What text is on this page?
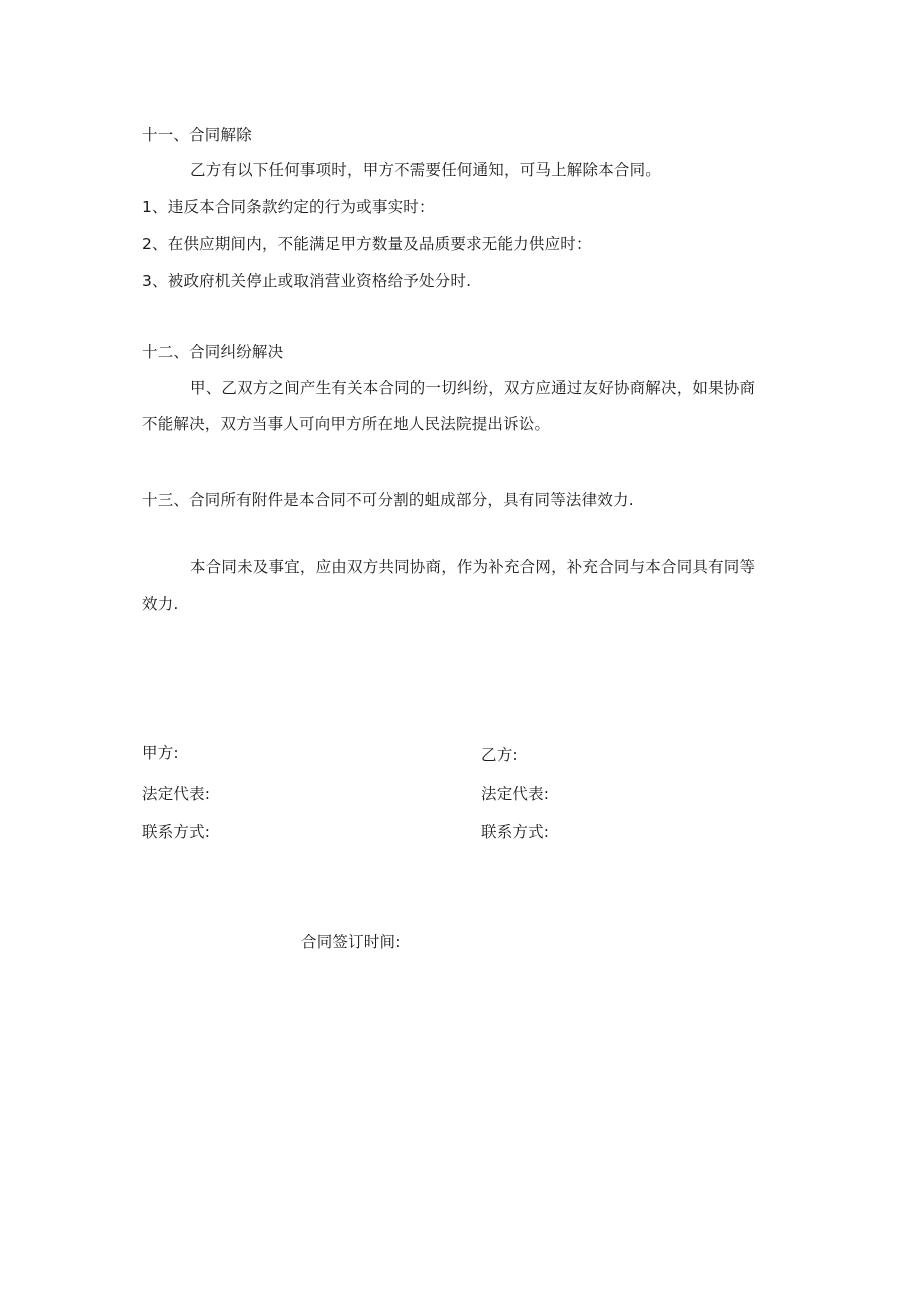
十一、合同解除
乙方有以下任何事项时，甲方不需要任何通知，可马上解除本合同。
1、违反本合同条款约定的行为或事实时：
2、在供应期间内，不能满足甲方数量及品质要求无能力供应时：
3、被政府机关停止或取消营业资格给予处分时.
十二、合同纠纷解决
甲、乙双方之间产生有关本合同的一切纠纷，双方应通过友好协商解决，如果协商
不能解决，双方当事人可向甲方所在地人民法院提出诉讼。
十三、合同所有附件是本合同不可分割的蛆成部分，具有同等法律效力.
本合同未及事宜，应由双方共同协商，作为补充合网，补充合同与本合同具有同等
效力.
甲方:
法定代表:
联系方式:
乙方:
法定代表:
联系方式:
合同签订时间:
